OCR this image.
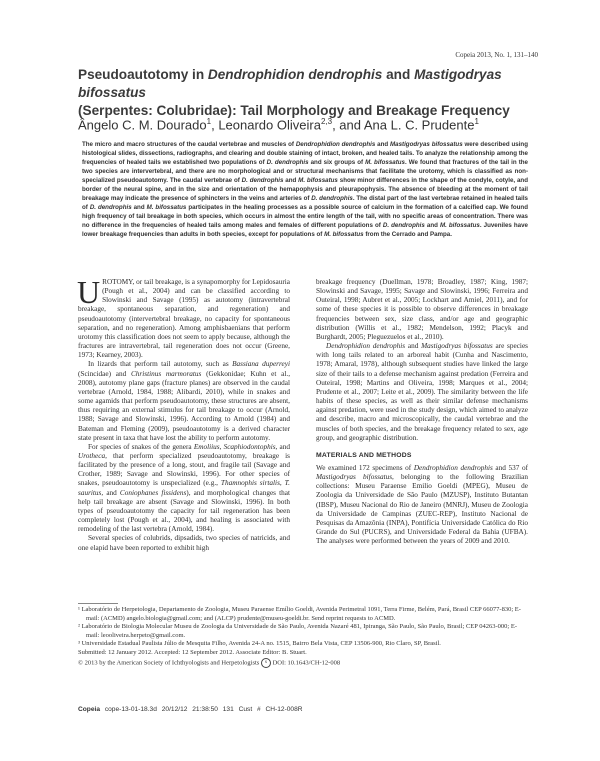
Copeia 2013, No. 1, 131–140
Pseudoautotomy in Dendrophidion dendrophis and Mastigodryas bifossatus
(Serpentes: Colubridae): Tail Morphology and Breakage Frequency
Ângelo C. M. Dourado$^1$, Leonardo Oliveira$^{2,3}$, and Ana L. C. Prudente$^1$
The micro and macro structures of the caudal vertebrae and muscles of Dendrophidion dendrophis and Mastigodryas bifossatus were described using histological slides, dissections, radiographs, and clearing and double staining of intact, broken, and healed tails. To analyze the relationship among the frequencies of healed tails we established two populations of D. dendrophis and six groups of M. bifossatus. We found that fractures of the tail in the two species are intervertebral, and there are no morphological and or structural mechanisms that facilitate the urotomy, which is classified as non-specialized pseudoautotomy. The caudal vertebrae of D. dendrophis and M. bifossatus show minor differences in the shape of the condyle, cotyle, and border of the neural spine, and in the size and orientation of the hemapophysis and pleurapophysis. The absence of bleeding at the moment of tail breakage may indicate the presence of sphincters in the veins and arteries of D. dendrophis. The distal part of the last vertebrae retained in healed tails of D. dendrophis and M. bifossatus participates in the healing processes as a possible source of calcium in the formation of a calcified cap. We found high frequency of tail breakage in both species, which occurs in almost the entire length of the tail, with no specific areas of concentration. There was no difference in the frequencies of healed tails among males and females of different populations of D. dendrophis and M. bifossatus. Juveniles have lower breakage frequencies than adults in both species, except for populations of M. bifossatus from the Cerrado and Pampa.

UROTOMY, or tail breakage, is a synapomorphy for Lepidosauria (Pough et al., 2004) and can be classified according to Slowinski and Savage (1995) as autotomy (intravertebral breakage, spontaneous separation, and regeneration) and pseudoautotomy (intervertebral breakage, no capacity for spontaneous separation, and no regeneration). Among amphisbaenians that perform urotomy this classification does not seem to apply because, although the fractures are intravertebral, tail regeneration does not occur (Greene, 1973; Kearney, 2003).

In lizards that perform tail autotomy, such as Bassiana duperreyi (Scincidae) and Christinus marmoratus (Gekkonidae; Kuhn et al., 2008), autotomy plane gaps (fracture planes) are observed in the caudal vertebrae (Arnold, 1984, 1988; Alibardi, 2010), while in snakes and some agamids that perform pseudoautotomy, these structures are absent, thus requiring an external stimulus for tail breakage to occur (Arnold, 1988; Savage and Slowinski, 1996). According to Arnold (1984) and Bateman and Fleming (2009), pseudoautotomy is a derived character state present in taxa that have lost the ability to perform autotomy.

For species of snakes of the genera Emoliius, Scaphiodontophis, and Urotheca, that perform specialized pseudoautotomy, breakage is facilitated by the presence of a long, stout, and fragile tail (Savage and Crother, 1989; Savage and Slowinski, 1996). For other species of snakes, pseudoautotomy is unspecialized (e.g., Thamnophis sirtalis, T. sauritus, and Coniophanes fissidens), and morphological changes that help tail breakage are absent (Savage and Slowinski, 1996). In both types of pseudoautotomy the capacity for tail regeneration has been completely lost (Pough et al., 2004), and healing is associated with remodeling of the last vertebra (Arnold, 1984).

Several species of colubrids, dipsadids, two species of natricids, and one elapid have been reported to exhibit high

breakage frequency (Duellman, 1978; Broadley, 1987; King, 1987; Slowinski and Savage, 1995; Savage and Slowinski, 1996; Ferreira and Outeiral, 1998; Aubret et al., 2005; Lockhart and Amiel, 2011), and for some of these species it is possible to observe differences in breakage frequencies between sex, size class, and/or age and geographic distribution (Willis et al., 1982; Mendelson, 1992; Placyk and Burghardt, 2005; Pleguezuelos et al., 2010).

Dendrophidion dendrophis and Mastigodryas bifossatus are species with long tails related to an arboreal habit (Cunha and Nascimento, 1978; Amaral, 1978), although subsequent studies have linked the large size of their tails to a defense mechanism against predation (Ferreira and Outeiral, 1998; Martins and Oliveira, 1998; Marques et al., 2004; Prudente et al., 2007; Leite et al., 2009). The similarity between the life habits of these species, as well as their similar defense mechanisms against predation, were used in the study design, which aimed to analyze and describe, macro and microscopically, the caudal vertebrae and the muscles of both species, and the breakage frequency related to sex, age group, and geographic distribution.

MATERIALS AND METHODS

We examined 172 specimens of Dendrophidion dendrophis and 537 of Mastigodryas bifossatus, belonging to the following Brazilian collections: Museu Paraense Emilio Goeldi (MPEG), Museu de Zoologia da Universidade de São Paulo (MZUSP), Instituto Butantan (IBSP), Museu Nacional do Rio de Janeiro (MNRJ), Museu de Zoologia da Universidade de Campinas (ZUEC-REP), Instituto Nacional de Pesquisas da Amazônia (INPA), Pontifícia Universidade Católica do Rio Grande do Sul (PUCRS), and Universidade Federal da Bahia (UFBA). The analyses were performed between the years of 2009 and 2010.

¹ Laboratório de Herpetologia, Departamento de Zoologia, Museu Paraense Emílio Goeldi, Avenida Perimetral 1091, Terra Firme, Belém, Pará, Brasil CEP 66077-830; E-mail: (ACMD) angelo.biologia@gmail.com; and (ALCP) prudente@museu-goeldi.br. Send reprint requests to ACMD.
² Laboratório de Biologia Molecular Museu de Zoologia da Universidade de São Paulo, Avenida Nazaré 481, Ipiranga, São Paulo, São Paulo, Brasil; CEP 04263-000; E-mail: leooliveira.herpeto@gmail.com.
³ Universidade Estadual Paulista Júlio de Mesquita Filho, Avenida 24-A no. 1515, Bairro Bela Vista, CEP 13506-900, Rio Claro, SP, Brasil.
Submitted: 12 January 2012. Accepted: 12 September 2012. Associate Editor: B. Stuart.
© 2013 by the American Society of Ichthyologists and Herpetologists s DOI: 10.1643/CH-12-008
Copeia cope-13-01-18.3d 20/12/12 21:38:50 131 Cust # CH-12-008R
